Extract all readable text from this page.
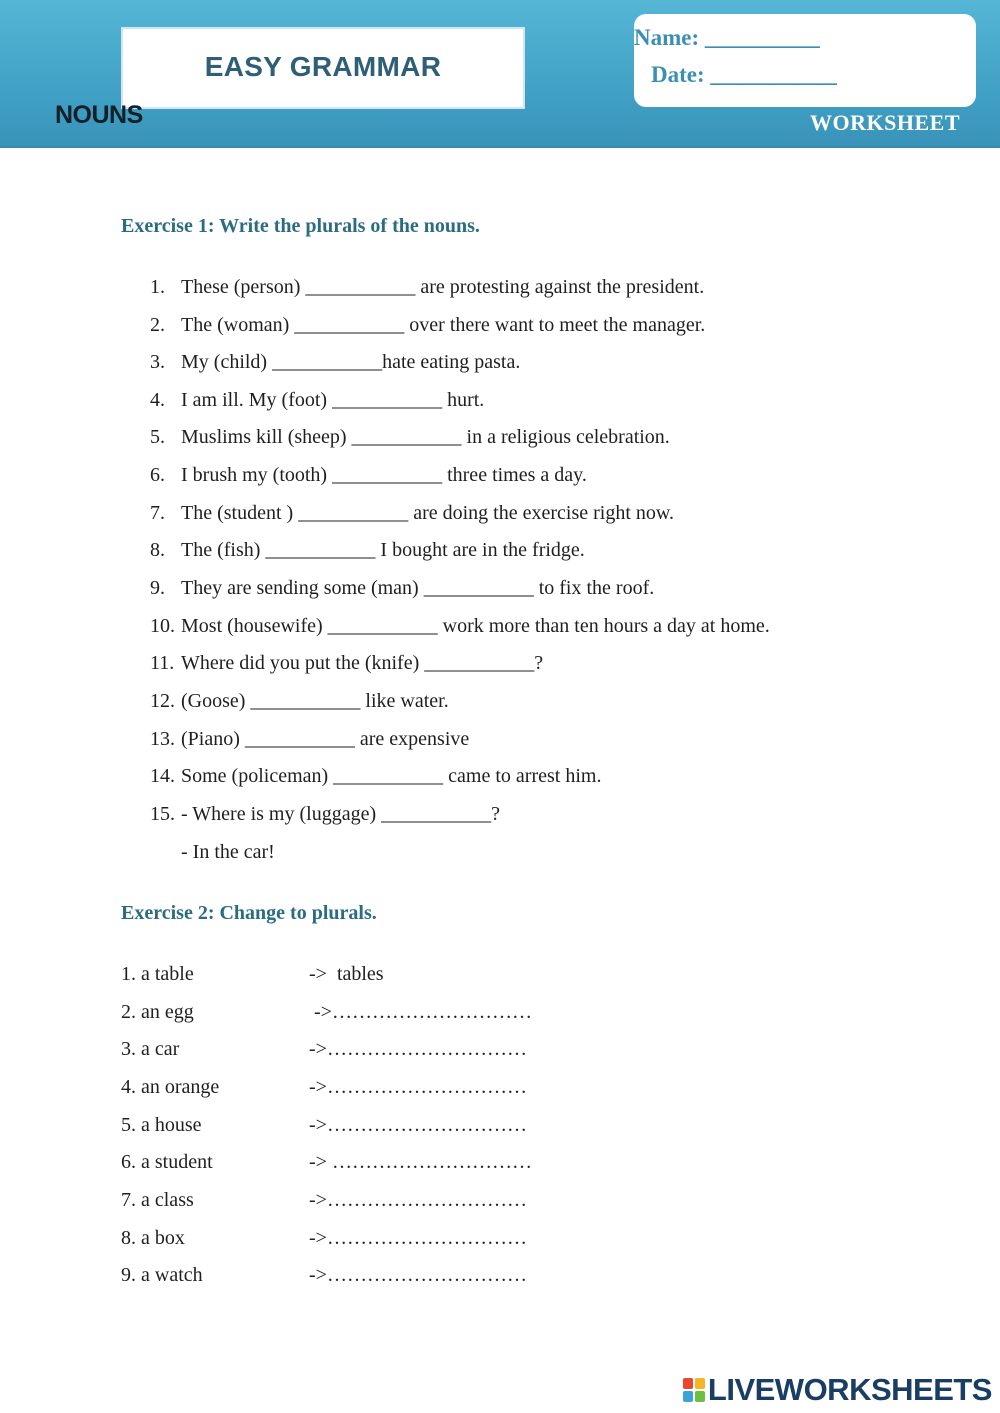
EASY GRAMMAR
NOUNS
Name: __________
Date: ___________
WORKSHEET
Exercise 1: Write the plurals of the nouns.
1. These (person) ___________ are protesting against the president.
2. The (woman) ___________ over there want to meet the manager.
3. My (child) ___________hate eating pasta.
4. I am ill. My (foot) ___________ hurt.
5. Muslims kill (sheep) ___________ in a religious celebration.
6. I brush my (tooth) ___________ three times a day.
7. The (student ) ___________ are doing the exercise right now.
8. The (fish) ___________ I bought are in the fridge.
9. They are sending some (man) ___________ to fix the roof.
10. Most (housewife) ___________ work more than ten hours a day at home.
11. Where did you put the (knife) ___________?
12. (Goose) ___________ like water.
13. (Piano) ___________ are expensive
14. Some (policeman) ___________ came to arrest him.
15. - Where is my (luggage) ___________?
- In the car!
Exercise 2: Change to plurals.
1. a table	->  tables
2. an egg	->…………………………
3. a car	->…………………………
4. an orange	->…………………………
5. a house	->…………………………
6. a student	-> …………………………
7. a class	->…………………………
8. a box	->…………………………
9. a watch	->…………………………
LIVEWORKSHEETS
